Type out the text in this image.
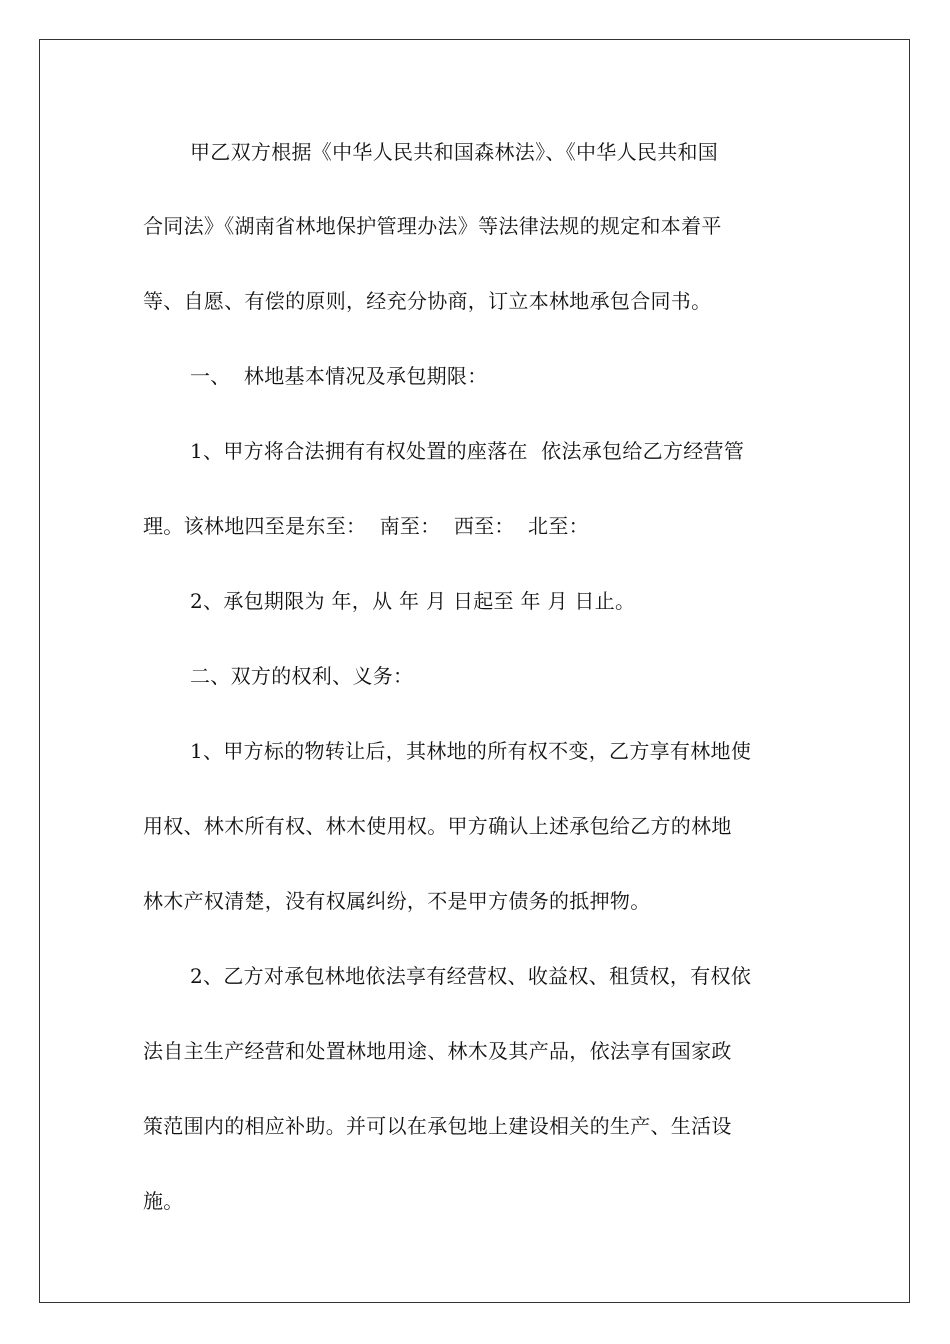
甲乙双方根据《中华人民共和国森林法》、《中华人民共和国

合同法》《湖南省林地保护管理办法》等法律法规的规定和本着平

等、自愿、有偿的原则，经充分协商，订立本林地承包合同书。

一、  林地基本情况及承包期限：

1、甲方将合法拥有有权处置的座落在  依法承包给乙方经营管

理。该林地四至是东至：  南至：  西至：  北至：

2、承包期限为 年，从 年 月 日起至 年 月 日止。

二、双方的权利、义务：

1、甲方标的物转让后，其林地的所有权不变，乙方享有林地使

用权、林木所有权、林木使用权。甲方确认上述承包给乙方的林地

林木产权清楚，没有权属纠纷，不是甲方债务的抵押物。

2、乙方对承包林地依法享有经营权、收益权、租赁权，有权依

法自主生产经营和处置林地用途、林木及其产品，依法享有国家政

策范围内的相应补助。并可以在承包地上建设相关的生产、生活设

施。
